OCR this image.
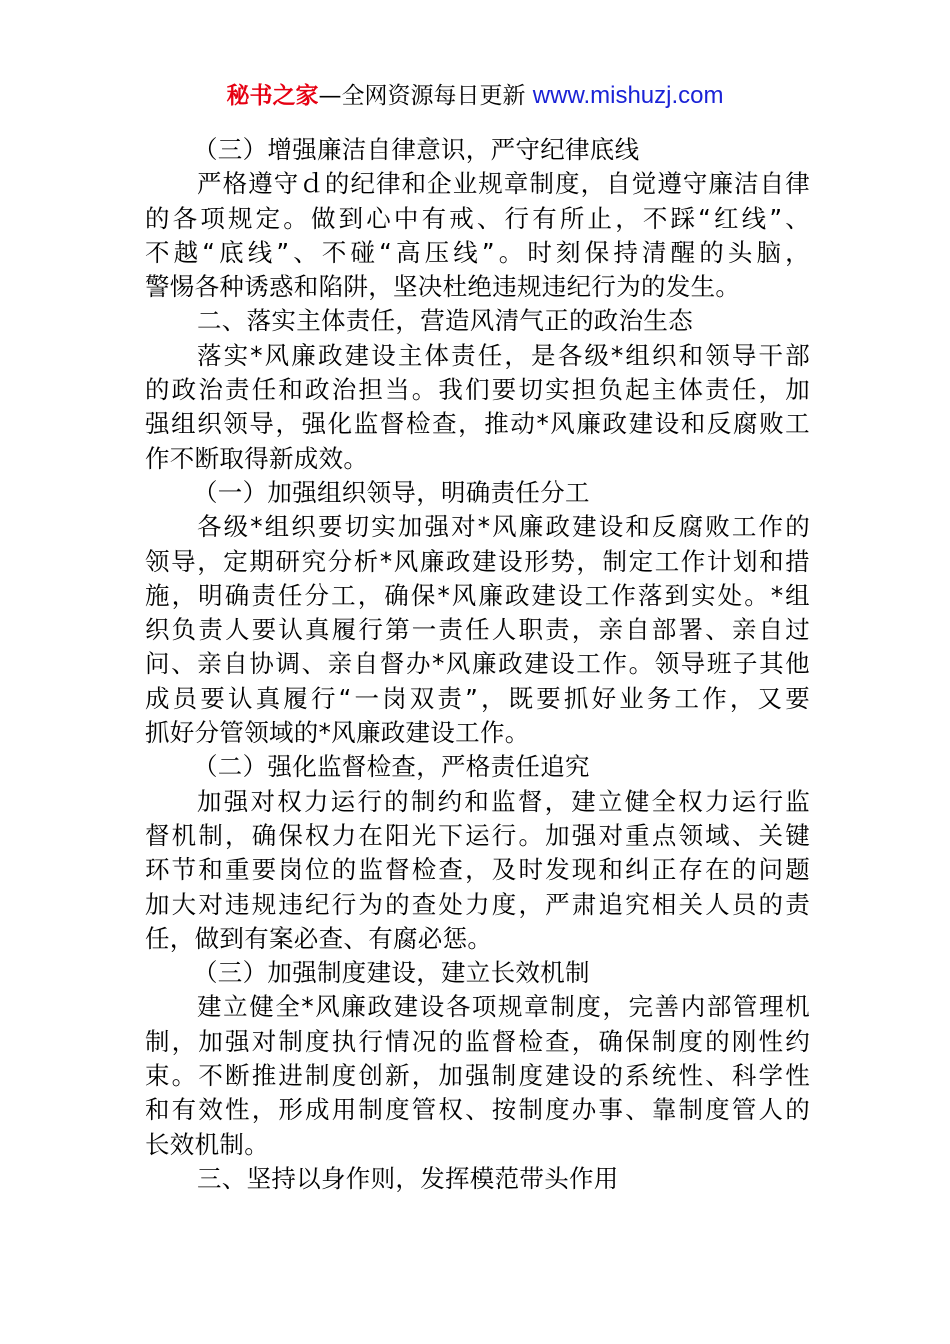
秘书之家—全网资源每日更新 www.mishuzj.com
（三）增强廉洁自律意识，严守纪律底线
严格遵守ｄ的纪律和企业规章制度，自觉遵守廉洁自律
的各项规定。做到心中有戒、行有所止，不踩“红线”、
不越“底线”、不碰“高压线”。时刻保持清醒的头脑，
警惕各种诱惑和陷阱，坚决杜绝违规违纪行为的发生。
二、落实主体责任，营造风清气正的政治生态
落实*风廉政建设主体责任，是各级*组织和领导干部
的政治责任和政治担当。我们要切实担负起主体责任，加
强组织领导，强化监督检查，推动*风廉政建设和反腐败工
作不断取得新成效。
（一）加强组织领导，明确责任分工
各级*组织要切实加强对*风廉政建设和反腐败工作的
领导，定期研究分析*风廉政建设形势，制定工作计划和措
施，明确责任分工，确保*风廉政建设工作落到实处。*组
织负责人要认真履行第一责任人职责，亲自部署、亲自过
问、亲自协调、亲自督办*风廉政建设工作。领导班子其他
成员要认真履行“一岗双责”，既要抓好业务工作，又要
抓好分管领域的*风廉政建设工作。
（二）强化监督检查，严格责任追究
加强对权力运行的制约和监督，建立健全权力运行监
督机制，确保权力在阳光下运行。加强对重点领域、关键
环节和重要岗位的监督检查，及时发现和纠正存在的问题
加大对违规违纪行为的查处力度，严肃追究相关人员的责
任，做到有案必查、有腐必惩。
（三）加强制度建设，建立长效机制
建立健全*风廉政建设各项规章制度，完善内部管理机
制，加强对制度执行情况的监督检查，确保制度的刚性约
束。不断推进制度创新，加强制度建设的系统性、科学性
和有效性，形成用制度管权、按制度办事、靠制度管人的
长效机制。
三、坚持以身作则，发挥模范带头作用
